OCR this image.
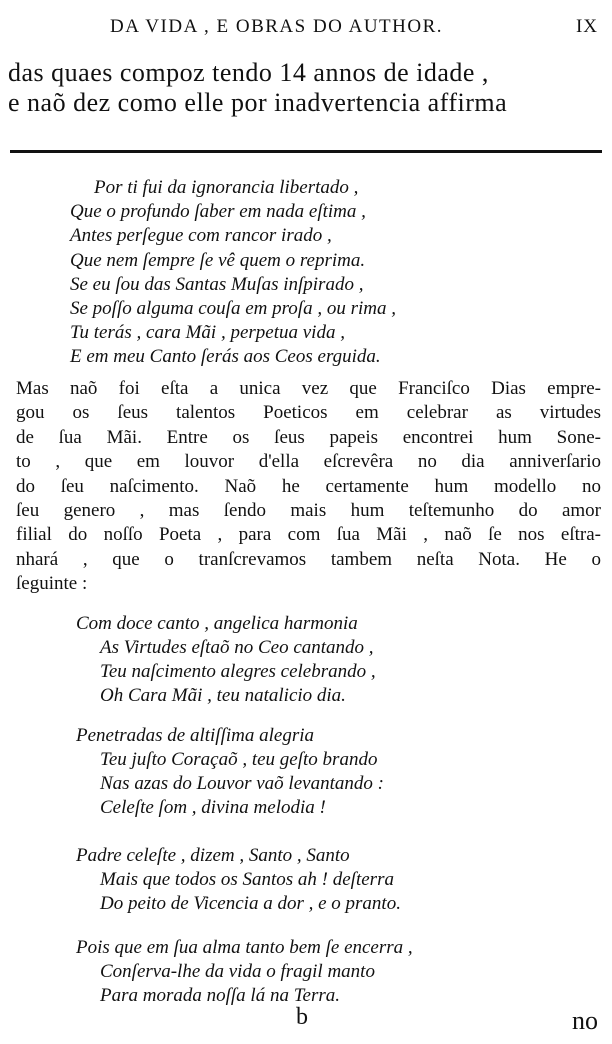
DA VIDA , E OBRAS DO AUTHOR.	IX
das quaes compoz tendo 14 annos de idade ,
e naõ dez como elle por inadvertencia affirma
Por ti fui da ignorancia libertado ,
Que o profundo ſaber em nada eſtima ,
Antes perſegue com rancor irado ,
Que nem ſempre ſe vê quem o reprima.
Se eu ſou das Santas Muſas inſpirado ,
Se poſſo alguma couſa em proſa , ou rima ,
Tu terás , cara Mãi , perpetua vida ,
E em meu Canto ſerás aos Ceos erguida.
Mas naõ foi eſta a unica vez que Franciſco Dias empre-
gou os ſeus talentos Poeticos em celebrar as virtudes
de ſua Mãi. Entre os ſeus papeis encontrei hum Sone-
to , que em louvor d'ella eſcrevêra no dia anniverſario
do ſeu naſcimento. Naõ he certamente hum modello no
ſeu genero , mas ſendo mais hum teſtemunho do amor
filial do noſſo Poeta , para com ſua Mãi , naõ ſe nos eſtra-
nhará , que o tranſcrevamos tambem neſta Nota. He o
ſeguinte :
Com doce canto , angelica harmonia
As Virtudes eſtaõ no Ceo cantando ,
Teu naſcimento alegres celebrando ,
Oh Cara Mãi , teu natalicio dia.
Penetradas de altiſſima alegria
Teu juſto Coraçaõ , teu geſto brando
Nas azas do Louvor vaõ levantando :
Celeſte ſom , divina melodia !
Padre celeſte , dizem , Santo , Santo
Mais que todos os Santos ah ! deſterra
Do peito de Vicencia a dor , e o pranto.
Pois que em ſua alma tanto bem ſe encerra ,
Conſerva-lhe da vida o fragil manto
Para morada noſſa lá na Terra.
b	no
